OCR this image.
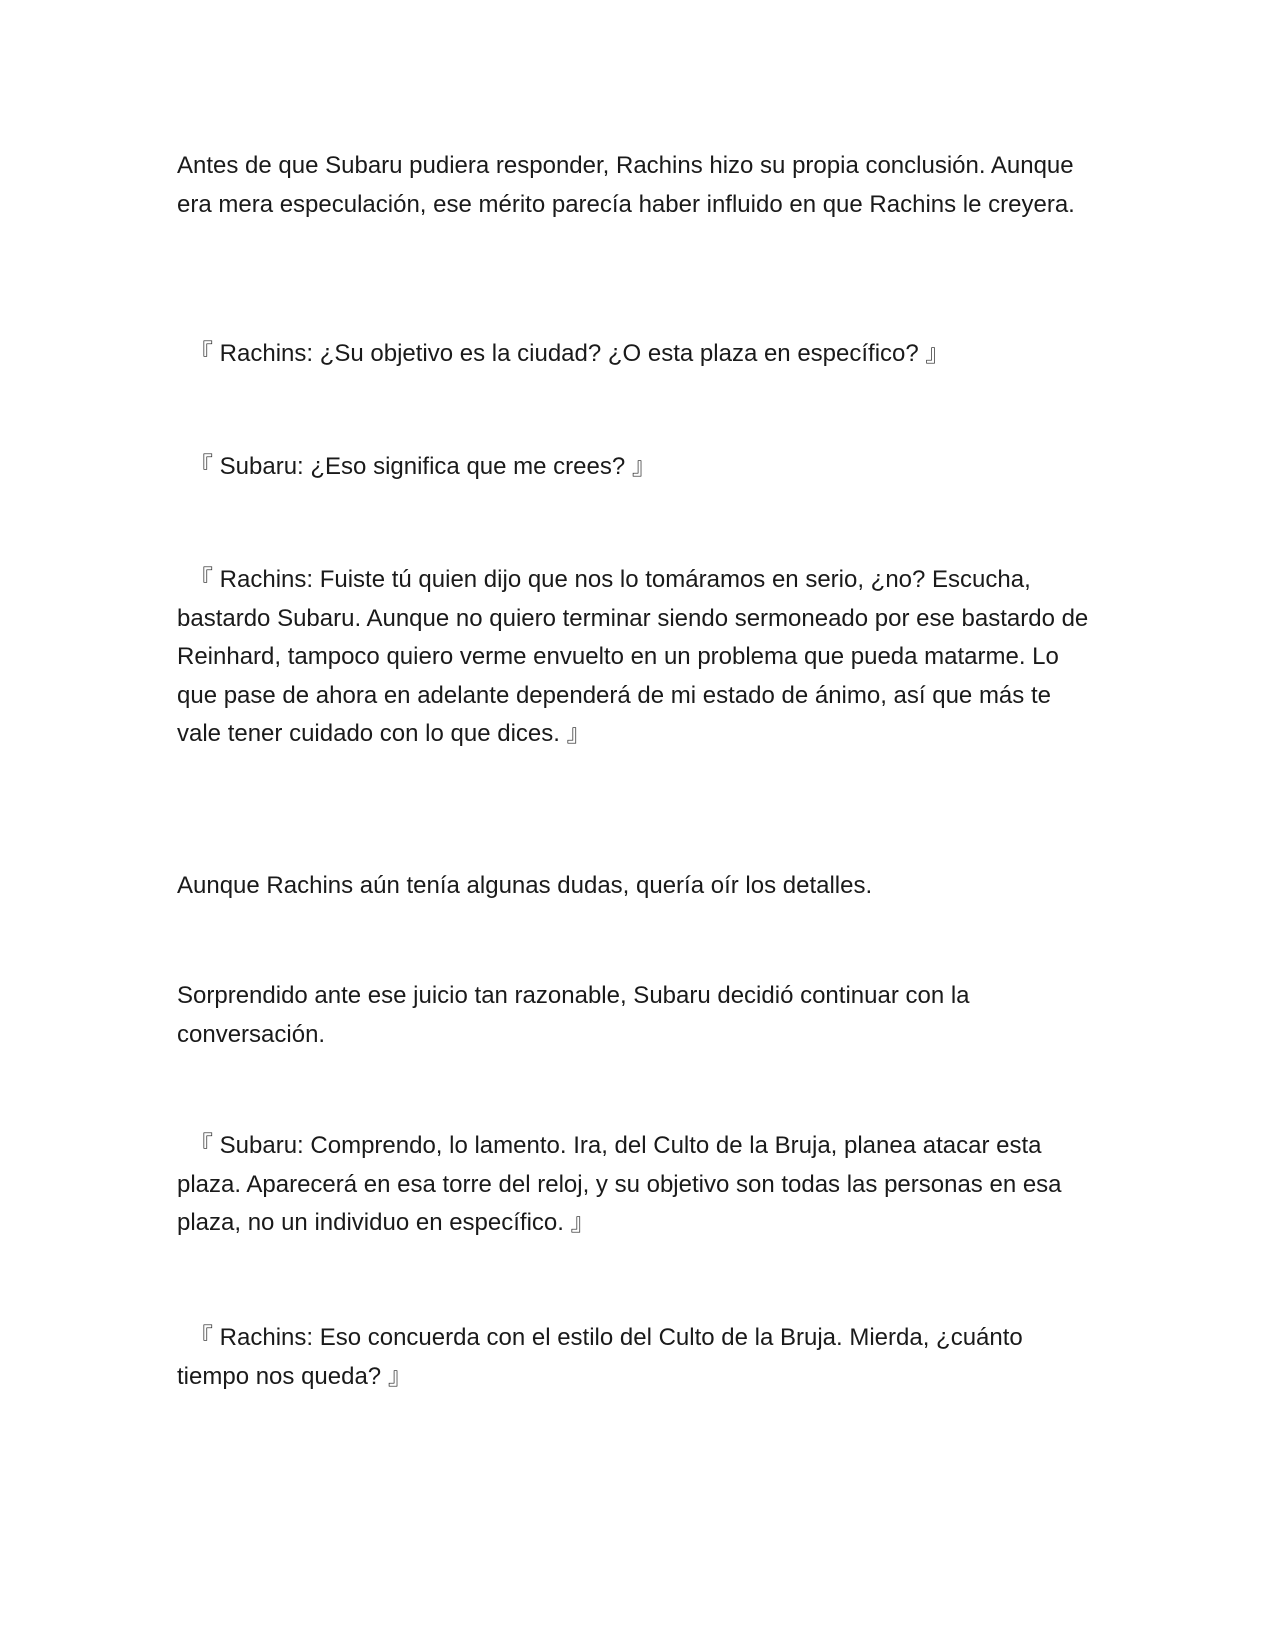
Antes de que Subaru pudiera responder, Rachins hizo su propia conclusión. Aunque era mera especulación, ese mérito parecía haber influido en que Rachins le creyera.

『 Rachins: ¿Su objetivo es la ciudad? ¿O esta plaza en específico? 』

『 Subaru: ¿Eso significa que me crees? 』

『 Rachins: Fuiste tú quien dijo que nos lo tomáramos en serio, ¿no? Escucha, bastardo Subaru. Aunque no quiero terminar siendo sermoneado por ese bastardo de Reinhard, tampoco quiero verme envuelto en un problema que pueda matarme. Lo que pase de ahora en adelante dependerá de mi estado de ánimo, así que más te vale tener cuidado con lo que dices. 』

Aunque Rachins aún tenía algunas dudas, quería oír los detalles.

Sorprendido ante ese juicio tan razonable, Subaru decidió continuar con la conversación.

『 Subaru: Comprendo, lo lamento. Ira, del Culto de la Bruja, planea atacar esta plaza. Aparecerá en esa torre del reloj, y su objetivo son todas las personas en esa plaza, no un individuo en específico. 』

『 Rachins: Eso concuerda con el estilo del Culto de la Bruja. Mierda, ¿cuánto tiempo nos queda? 』
